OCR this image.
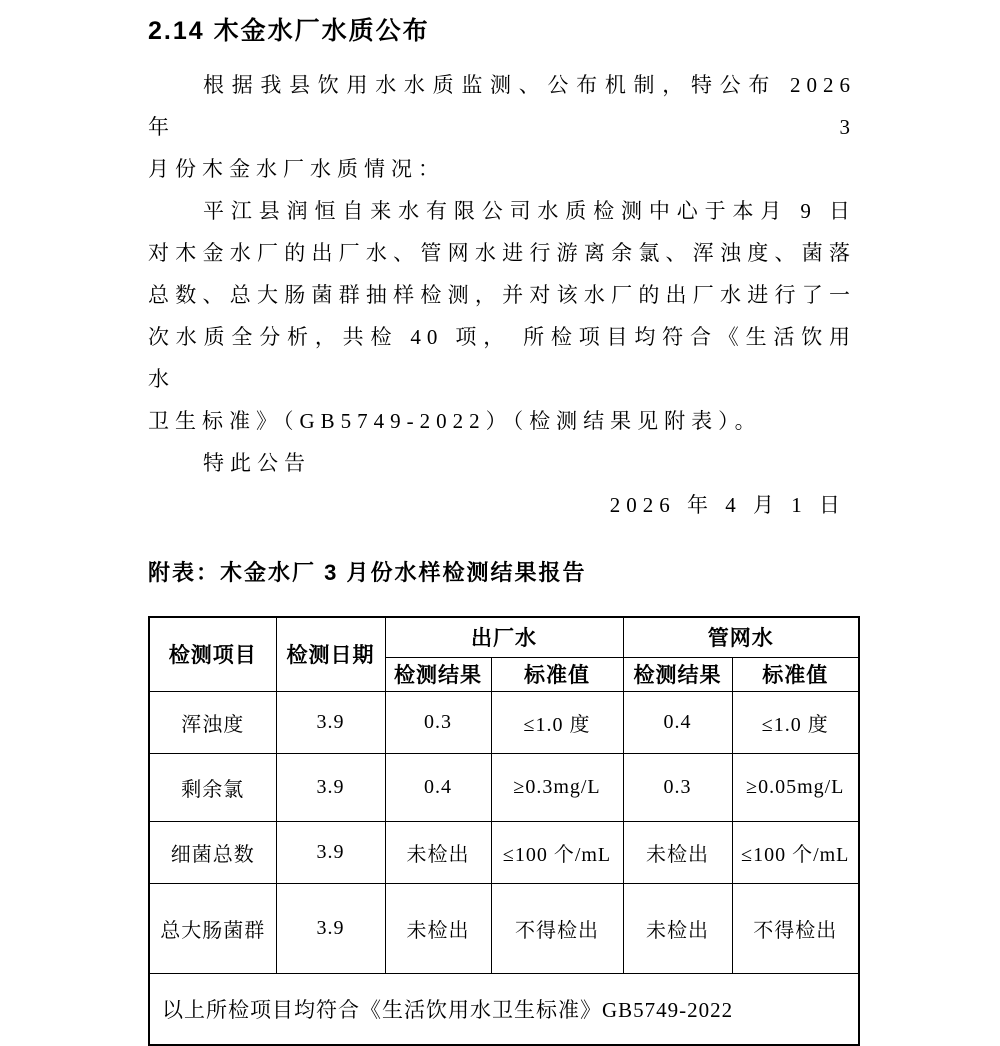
2.14 木金水厂水质公布
根据我县饮用水水质监测、公布机制，特公布 2026 年 3
月份木金水厂水质情况：
平江县润恒自来水有限公司水质检测中心于本月 9 日
对木金水厂的出厂水、管网水进行游离余氯、浑浊度、菌落
总数、总大肠菌群抽样检测，并对该水厂的出厂水进行了一
次水质全分析，共检 40 项， 所检项目均符合《生活饮用水
卫生标准》（GB5749-2022）（检测结果见附表）。
特此公告
2026 年 4 月 1 日
附表：木金水厂 3 月份水样检测结果报告
检测项目	检测日期	出厂水		管网水	
		检测结果	标准值	检测结果	标准值
浑浊度	3.9	0.3	≤1.0 度	0.4	≤1.0 度
剩余氯	3.9	0.4	≥0.3mg/L	0.3	≥0.05mg/L
细菌总数	3.9	未检出	≤100 个/mL	未检出	≤100 个/mL
总大肠菌群	3.9	未检出	不得检出	未检出	不得检出
以上所检项目均符合《生活饮用水卫生标准》GB5749-2022					
